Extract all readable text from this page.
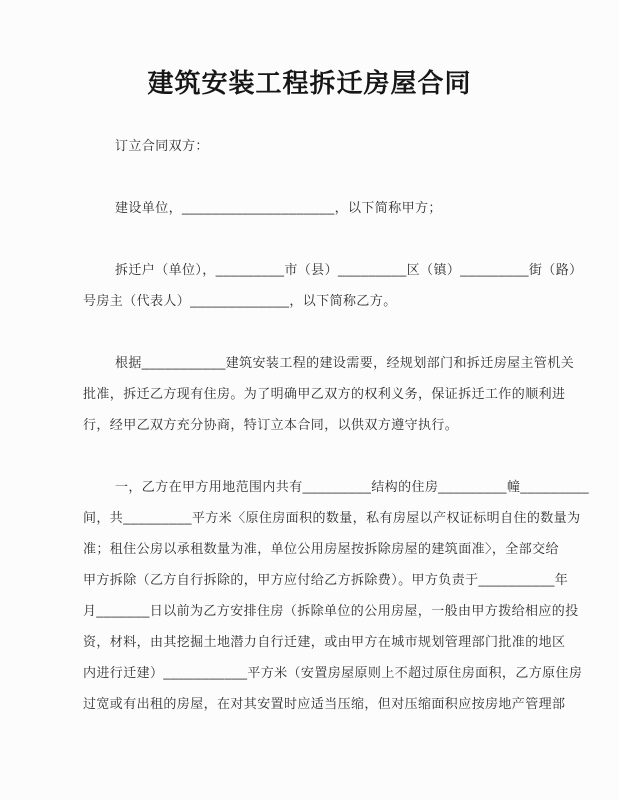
建筑安装工程拆迁房屋合同

订立合同双方：

建设单位，____________________，以下简称甲方；

拆迁户（单位），_________市（县）_________区（镇）_________街（路）

号房主（代表人）_____________，以下简称乙方。

根据___________建筑安装工程的建设需要，经规划部门和拆迁房屋主管机关

批准，拆迁乙方现有住房。为了明确甲乙双方的权利义务，保证拆迁工作的顺利进

行，经甲乙双方充分协商，特订立本合同，以供双方遵守执行。

一，乙方在甲方用地范围内共有_________结构的住房_________幢_________

间，共_________平方米〈原住房面积的数量，私有房屋以产权证标明自住的数量为

准；租住公房以承租数量为准，单位公用房屋按拆除房屋的建筑面准〉，全部交给

甲方拆除（乙方自行拆除的，甲方应付给乙方拆除费）。甲方负责于__________年

月_______日以前为乙方安排住房（拆除单位的公用房屋，一般由甲方拨给相应的投

资，材料，由其挖掘土地潜力自行迁建，或由甲方在城市规划管理部门批准的地区

内进行迁建）___________平方米（安置房屋原则上不超过原住房面积，乙方原住房

过宽或有出租的房屋，在对其安置时应适当压缩，但对压缩面积应按房地产管理部
